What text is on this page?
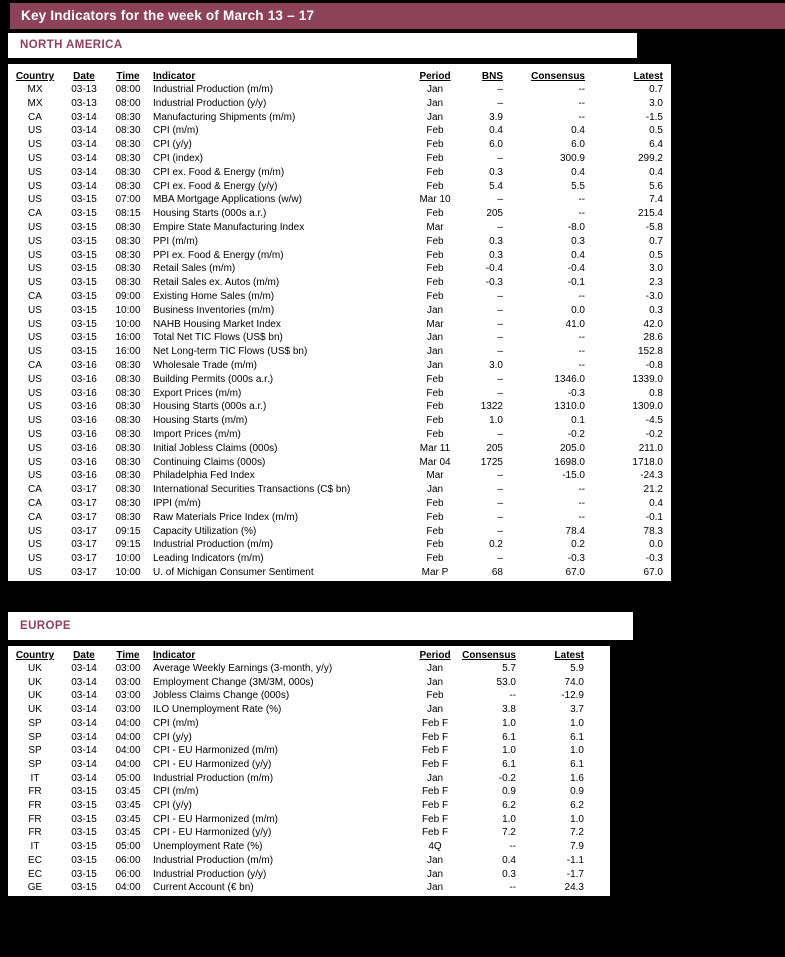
Key Indicators for the week of March 13 – 17
NORTH AMERICA
Country	Date	Time	Indicator	Period	BNS	Consensus	Latest
MX	03-13	08:00	Industrial Production (m/m)	Jan	–	--	0.7
MX	03-13	08:00	Industrial Production (y/y)	Jan	–	--	3.0
CA	03-14	08:30	Manufacturing Shipments (m/m)	Jan	3.9	--	-1.5
US	03-14	08:30	CPI (m/m)	Feb	0.4	0.4	0.5
US	03-14	08:30	CPI (y/y)	Feb	6.0	6.0	6.4
US	03-14	08:30	CPI (index)	Feb	–	300.9	299.2
US	03-14	08:30	CPI ex. Food & Energy (m/m)	Feb	0.3	0.4	0.4
US	03-14	08:30	CPI ex. Food & Energy (y/y)	Feb	5.4	5.5	5.6
US	03-15	07:00	MBA Mortgage Applications (w/w)	Mar 10	–	--	7.4
CA	03-15	08:15	Housing Starts (000s a.r.)	Feb	205	--	215.4
US	03-15	08:30	Empire State Manufacturing Index	Mar	–	-8.0	-5.8
US	03-15	08:30	PPI (m/m)	Feb	0.3	0.3	0.7
US	03-15	08:30	PPI ex. Food & Energy (m/m)	Feb	0.3	0.4	0.5
US	03-15	08:30	Retail Sales (m/m)	Feb	-0.4	-0.4	3.0
US	03-15	08:30	Retail Sales ex. Autos (m/m)	Feb	-0.3	-0.1	2.3
CA	03-15	09:00	Existing Home Sales (m/m)	Feb	–	--	-3.0
US	03-15	10:00	Business Inventories (m/m)	Jan	–	0.0	0.3
US	03-15	10:00	NAHB Housing Market Index	Mar	–	41.0	42.0
US	03-15	16:00	Total Net TIC Flows (US$ bn)	Jan	–	--	28.6
US	03-15	16:00	Net Long-term TIC Flows (US$ bn)	Jan	–	--	152.8
CA	03-16	08:30	Wholesale Trade (m/m)	Jan	3.0	--	-0.8
US	03-16	08:30	Building Permits (000s a.r.)	Feb	–	1346.0	1339.0
US	03-16	08:30	Export Prices (m/m)	Feb	–	-0.3	0.8
US	03-16	08:30	Housing Starts (000s a.r.)	Feb	1322	1310.0	1309.0
US	03-16	08:30	Housing Starts (m/m)	Feb	1.0	0.1	-4.5
US	03-16	08:30	Import Prices (m/m)	Feb	–	-0.2	-0.2
US	03-16	08:30	Initial Jobless Claims (000s)	Mar 11	205	205.0	211.0
US	03-16	08:30	Continuing Claims (000s)	Mar 04	1725	1698.0	1718.0
US	03-16	08:30	Philadelphia Fed Index	Mar	–	-15.0	-24.3
CA	03-17	08:30	International Securities Transactions (C$ bn)	Jan	–	--	21.2
CA	03-17	08:30	IPPI (m/m)	Feb	–	--	0.4
CA	03-17	08:30	Raw Materials Price Index (m/m)	Feb	–	--	-0.1
US	03-17	09:15	Capacity Utilization (%)	Feb	–	78.4	78.3
US	03-17	09:15	Industrial Production (m/m)	Feb	0.2	0.2	0.0
US	03-17	10:00	Leading Indicators (m/m)	Feb	–	-0.3	-0.3
US	03-17	10:00	U. of Michigan Consumer Sentiment	Mar P	68	67.0	67.0
EUROPE
Country	Date	Time	Indicator	Period	Consensus	Latest
UK	03-14	03:00	Average Weekly Earnings (3-month, y/y)	Jan	5.7	5.9
UK	03-14	03:00	Employment Change (3M/3M, 000s)	Jan	53.0	74.0
UK	03-14	03:00	Jobless Claims Change (000s)	Feb	--	-12.9
UK	03-14	03:00	ILO Unemployment Rate (%)	Jan	3.8	3.7
SP	03-14	04:00	CPI (m/m)	Feb F	1.0	1.0
SP	03-14	04:00	CPI (y/y)	Feb F	6.1	6.1
SP	03-14	04:00	CPI - EU Harmonized (m/m)	Feb F	1.0	1.0
SP	03-14	04:00	CPI - EU Harmonized (y/y)	Feb F	6.1	6.1
IT	03-14	05:00	Industrial Production (m/m)	Jan	-0.2	1.6
FR	03-15	03:45	CPI (m/m)	Feb F	0.9	0.9
FR	03-15	03:45	CPI (y/y)	Feb F	6.2	6.2
FR	03-15	03:45	CPI - EU Harmonized (m/m)	Feb F	1.0	1.0
FR	03-15	03:45	CPI - EU Harmonized (y/y)	Feb F	7.2	7.2
IT	03-15	05:00	Unemployment Rate (%)	4Q	--	7.9
EC	03-15	06:00	Industrial Production (m/m)	Jan	0.4	-1.1
EC	03-15	06:00	Industrial Production (y/y)	Jan	0.3	-1.7
GE	03-15	04:00	Current Account (€ bn)	Jan	--	24.3
